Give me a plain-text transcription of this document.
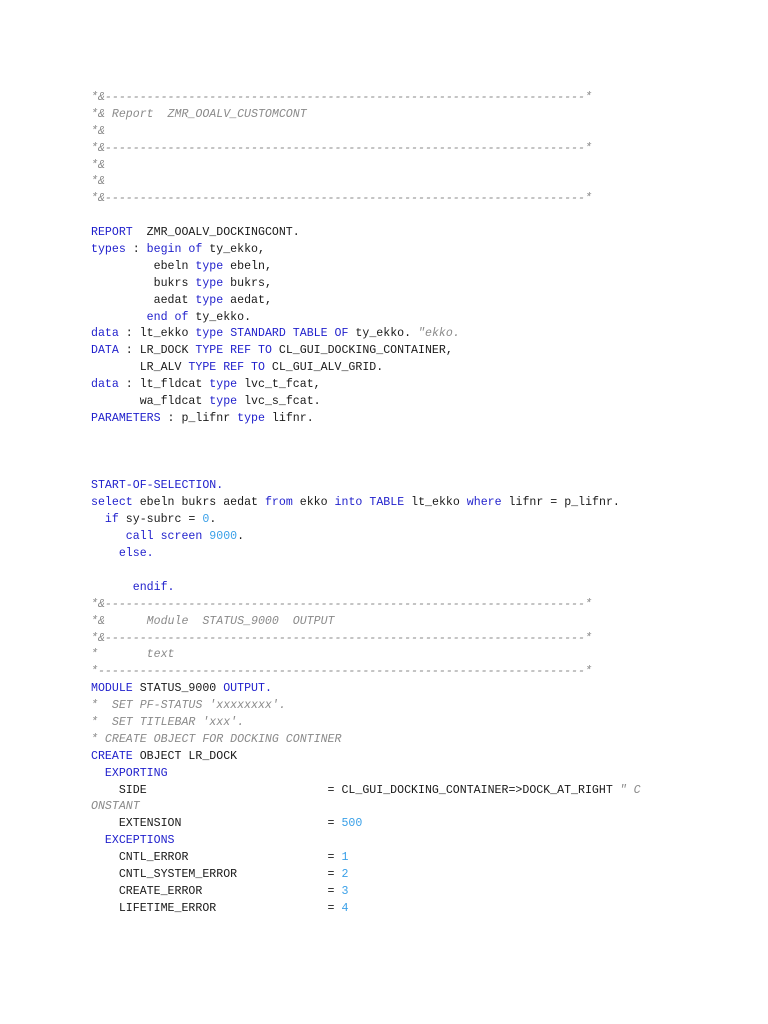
*&---------------------------------------------------------------------*
*& Report  ZMR_OOALV_CUSTOMCONT
*&
*&---------------------------------------------------------------------*
*&
*&
*&---------------------------------------------------------------------*

REPORT  ZMR_OOALV_DOCKINGCONT.
types : begin of ty_ekko,
ebeln type ebeln,
bukrs type bukrs,
aedat type aedat,
end of ty_ekko.
data : lt_ekko type STANDARD TABLE OF ty_ekko. "ekko.
DATA : LR_DOCK TYPE REF TO CL_GUI_DOCKING_CONTAINER,
LR_ALV TYPE REF TO CL_GUI_ALV_GRID.
data : lt_fldcat type lvc_t_fcat,
wa_fldcat type lvc_s_fcat.
PARAMETERS : p_lifnr type lifnr.

START-OF-SELECTION.
select ebeln bukrs aedat from ekko into TABLE lt_ekko where lifnr = p_lifnr.
if sy-subrc = 0.
call screen 9000.
else.

endif.
*&---------------------------------------------------------------------*
*&      Module  STATUS_9000  OUTPUT
*&---------------------------------------------------------------------*
*       text
*----------------------------------------------------------------------*
MODULE STATUS_9000 OUTPUT.
*  SET PF-STATUS 'xxxxxxxx'.
*  SET TITLEBAR 'xxx'.
* CREATE OBJECT FOR DOCKING CONTINER
CREATE OBJECT LR_DOCK
EXPORTING
SIDE                          = CL_GUI_DOCKING_CONTAINER=>DOCK_AT_RIGHT " C
ONSTANT
EXTENSION                     = 500
EXCEPTIONS
CNTL_ERROR                    = 1
CNTL_SYSTEM_ERROR             = 2
CREATE_ERROR                  = 3
LIFETIME_ERROR                = 4
